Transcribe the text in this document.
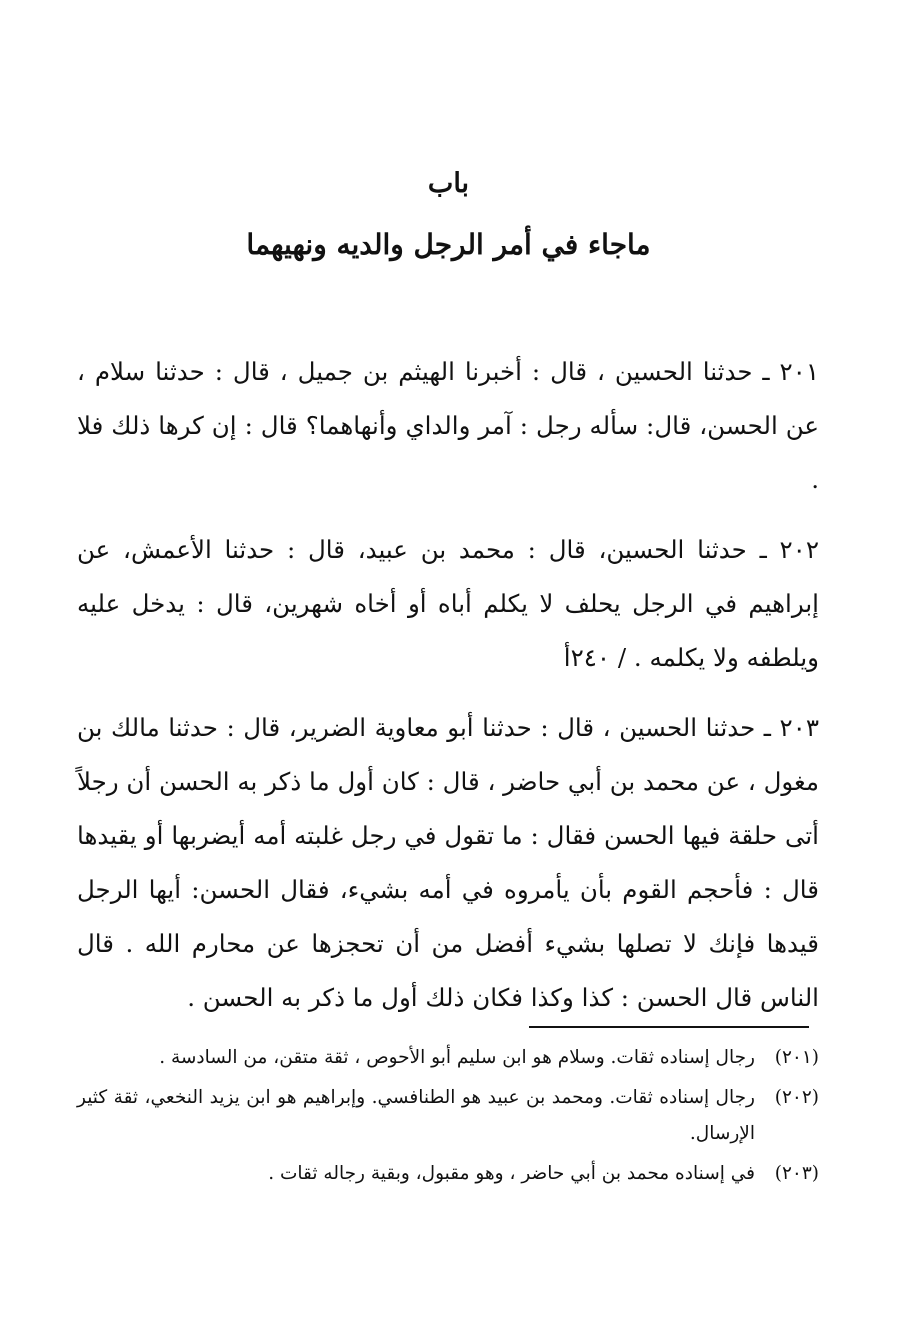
باب
ماجاء في أمر الرجل والديه ونهيهما

٢٠١ ـ حدثنا الحسين ، قال : أخبرنا الهيثم بن جميل ، قال : حدثنا سلام ، عن الحسن، قال: سأله رجل : آمر والداي وأنهاهما؟ قال : إن كرها ذلك فلا .

٢٠٢ ـ حدثنا الحسين، قال : محمد بن عبيد، قال : حدثنا الأعمش، عن إبراهيم في الرجل يحلف لا يكلم أباه أو أخاه شهرين، قال : يدخل عليه ويلطفه ولا يكلمه . / ٢٤٠أ

٢٠٣ ـ حدثنا الحسين ، قال : حدثنا أبو معاوية الضرير، قال : حدثنا مالك بن مغول ، عن محمد بن أبي حاضر ، قال : كان أول ما ذكر به الحسن أن رجلاً أتى حلقة فيها الحسن فقال : ما تقول في رجل غلبته أمه أيضربها أو يقيدها قال : فأحجم القوم بأن يأمروه في أمه بشيء، فقال الحسن: أيها الرجل قيدها فإنك لا تصلها بشيء أفضل من أن تحجزها عن محارم الله . قال الناس قال الحسن : كذا وكذا فكان ذلك أول ما ذكر به الحسن .

(٢٠١)
رجال إسناده ثقات. وسلام هو ابن سليم أبو الأحوص ، ثقة متقن، من السادسة .
(٢٠٢)
رجال إسناده ثقات. ومحمد بن عبيد هو الطنافسي. وإبراهيم هو ابن يزيد النخعي، ثقة كثير الإرسال.
(٢٠٣)
في إسناده محمد بن أبي حاضر ، وهو مقبول، وبقية رجاله ثقات .
